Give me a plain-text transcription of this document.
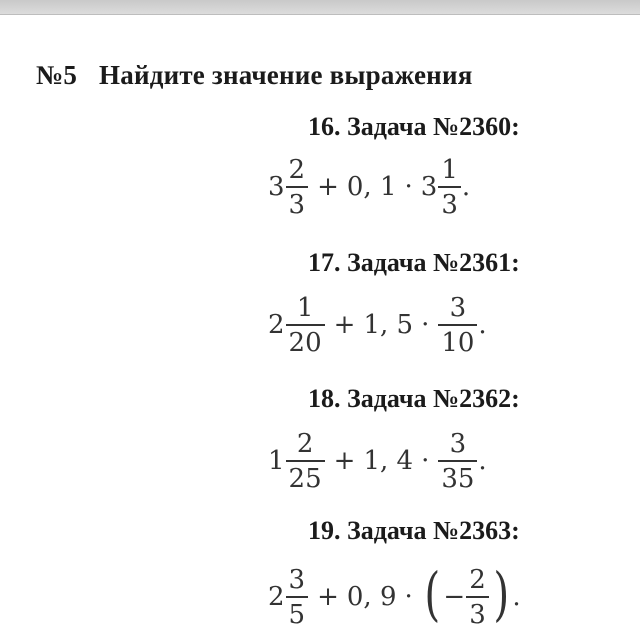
№5 Найдите значение выражения
16. Задача №2360:
$3 \frac{2}{3} + 0$, $1 \cdot 3 \frac{1}{3}$ .
17. Задача №2361:
$2 \frac{1}{20} + 1$, $5 \cdot \frac{3}{10}$ .
18. Задача №2362:
$1 \frac{2}{25} + 1$, $4 \cdot \frac{3}{35}$ .
19. Задача №2363:
$2 \frac{3}{5} + 0$, 9 · ( − $\frac{2}{3}$ ) .
